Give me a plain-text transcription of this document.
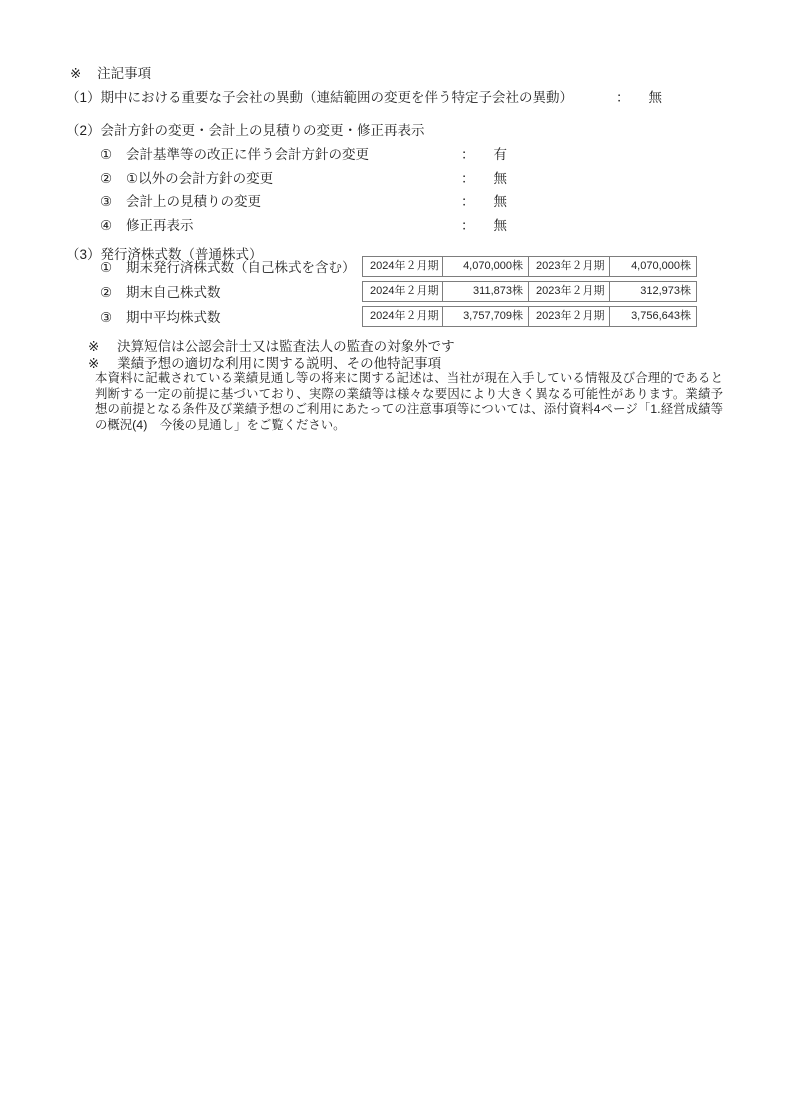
※ 注記事項
（1）期中における重要な子会社の異動（連結範囲の変更を伴う特定子会社の異動）	： 無
（2）会計方針の変更・会計上の見積りの変更・修正再表示
① 会計基準等の改正に伴う会計方針の変更	： 有
② ①以外の会計方針の変更	： 無
③ 会計上の見積りの変更	： 無
④ 修正再表示	： 無
（3）発行済株式数（普通株式）
① 期末発行済株式数（自己株式を含む）	2024年２月期	4,070,000株	2023年２月期	4,070,000株
② 期末自己株式数	2024年２月期	311,873株	2023年２月期	312,973株
③ 期中平均株式数	2024年２月期	3,757,709株	2023年２月期	3,756,643株
※ 決算短信は公認会計士又は監査法人の監査の対象外です
※ 業績予想の適切な利用に関する説明、その他特記事項
本資料に記載されている業績見通し等の将来に関する記述は、当社が現在入手している情報及び合理的であると判断する一定の前提に基づいており、実際の業績等は様々な要因により大きく異なる可能性があります。業績予想の前提となる条件及び業績予想のご利用にあたっての注意事項等については、添付資料4ページ「1.経営成績等の概況(4)　今後の見通し」をご覧ください。
